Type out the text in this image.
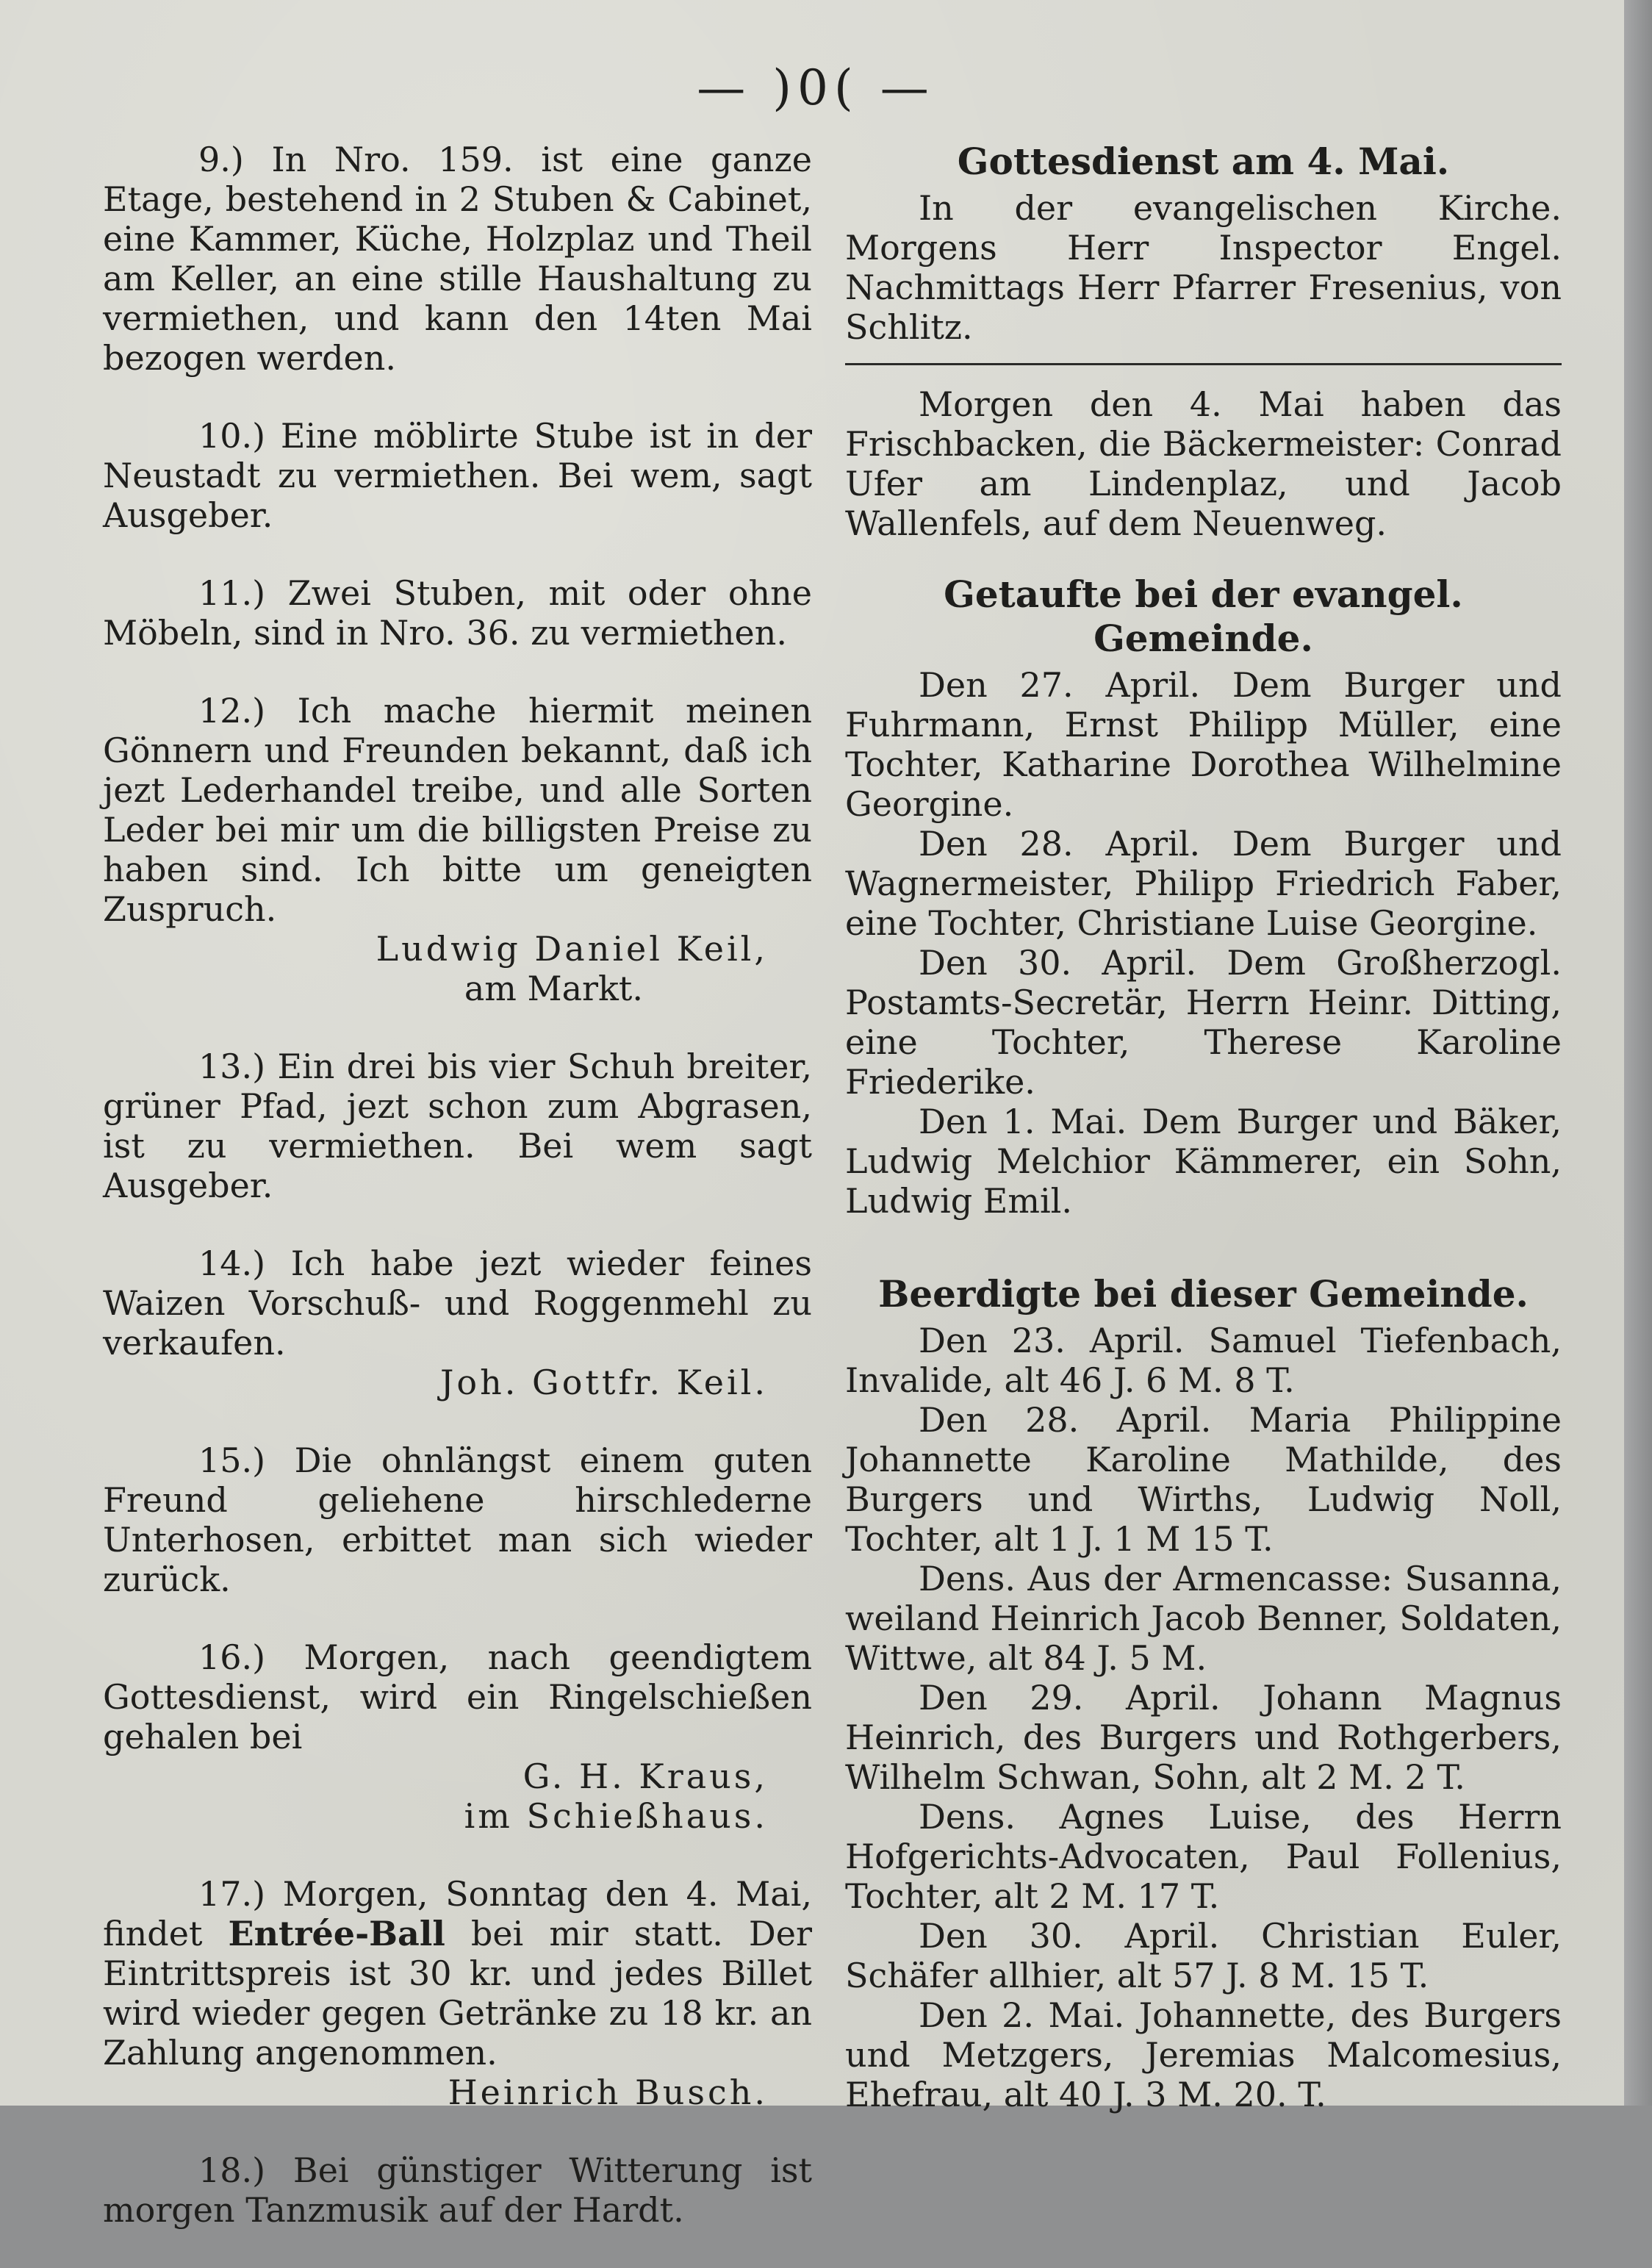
— )0( —

9.) In Nro. 159. ist eine ganze Etage, bestehend in 2 Stuben & Cabinet, eine Kammer, Küche, Holzplaz und Theil am Keller, an eine stille Haushaltung zu vermiethen, und kann den 14ten Mai bezogen werden.

10.) Eine möblirte Stube ist in der Neustadt zu vermiethen. Bei wem, sagt Ausgeber.

11.) Zwei Stuben, mit oder ohne Möbeln, sind in Nro. 36. zu vermiethen.

12.) Ich mache hiermit meinen Gönnern und Freunden bekannt, daß ich jezt Lederhandel treibe, und alle Sorten Leder bei mir um die billigsten Preise zu haben sind. Ich bitte um geneigten Zuspruch.

Ludwig Daniel Keil,

am Markt.

13.) Ein drei bis vier Schuh breiter, grüner Pfad, jezt schon zum Abgrasen, ist zu vermiethen. Bei wem sagt Ausgeber.

14.) Ich habe jezt wieder feines Waizen Vorschuß- und Roggenmehl zu verkaufen.

Joh. Gottfr. Keil.

15.) Die ohnlängst einem guten Freund geliehene hirschlederne Unterhosen, erbittet man sich wieder zurück.

16.) Morgen, nach geendigtem Gottesdienst, wird ein Ringelschießen gehalen bei

G. H. Kraus,

im Schießhaus.

17.) Morgen, Sonntag den 4. Mai, findet Entrée-Ball bei mir statt. Der Eintrittspreis ist 30 kr. und jedes Billet wird wieder gegen Getränke zu 18 kr. an Zahlung angenommen.

Heinrich Busch.

18.) Bei günstiger Witterung ist morgen Tanzmusik auf der Hardt.

Gottesdienst am 4. Mai.

In der evangelischen Kirche. Morgens Herr Inspector Engel. Nachmittags Herr Pfarrer Fresenius, von Schlitz.

Morgen den 4. Mai haben das Frischbacken, die Bäckermeister: Conrad Ufer am Lindenplaz, und Jacob Wallenfels, auf dem Neuenweg.

Getaufte bei der evangel. Gemeinde.

Den 27. April. Dem Burger und Fuhrmann, Ernst Philipp Müller, eine Tochter, Katharine Dorothea Wilhelmine Georgine.

Den 28. April. Dem Burger und Wagnermeister, Philipp Friedrich Faber, eine Tochter, Christiane Luise Georgine.

Den 30. April. Dem Großherzogl. Postamts-Secretär, Herrn Heinr. Ditting, eine Tochter, Therese Karoline Friederike.

Den 1. Mai. Dem Burger und Bäker, Ludwig Melchior Kämmerer, ein Sohn, Ludwig Emil.

Beerdigte bei dieser Gemeinde.

Den 23. April. Samuel Tiefenbach, Invalide, alt 46 J. 6 M. 8 T.

Den 28. April. Maria Philippine Johannette Karoline Mathilde, des Burgers und Wirths, Ludwig Noll, Tochter, alt 1 J. 1 M 15 T.

Dens. Aus der Armencasse: Susanna, weiland Heinrich Jacob Benner, Soldaten, Wittwe, alt 84 J. 5 M.

Den 29. April. Johann Magnus Heinrich, des Burgers und Rothgerbers, Wilhelm Schwan, Sohn, alt 2 M. 2 T.

Dens. Agnes Luise, des Herrn Hofgerichts-Advocaten, Paul Follenius, Tochter, alt 2 M. 17 T.

Den 30. April. Christian Euler, Schäfer allhier, alt 57 J. 8 M. 15 T.

Den 2. Mai. Johannette, des Burgers und Metzgers, Jeremias Malcomesius, Ehefrau, alt 40 J. 3 M. 20. T.
